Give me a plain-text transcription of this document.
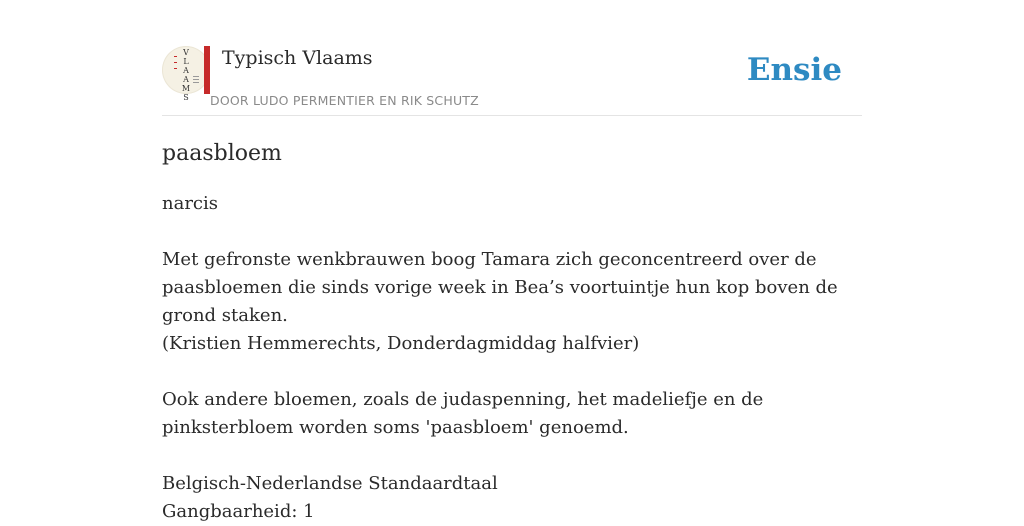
V
L
A
A
M
S
Typisch Vlaams
DOOR LUDO PERMENTIER EN RIK SCHUTZ
Ensie
paasbloem
narcis
Met gefronste wenkbrauwen boog Tamara zich geconcentreerd over de paasbloemen die sinds vorige week in Bea’s voortuintje hun kop boven de grond staken.
(Kristien Hemmerechts, Donderdagmiddag halfvier)
Ook andere bloemen, zoals de judaspenning, het madeliefje en de pinksterbloem worden soms 'paasbloem' genoemd.
Belgisch-Nederlandse Standaardtaal
Gangbaarheid: 1
